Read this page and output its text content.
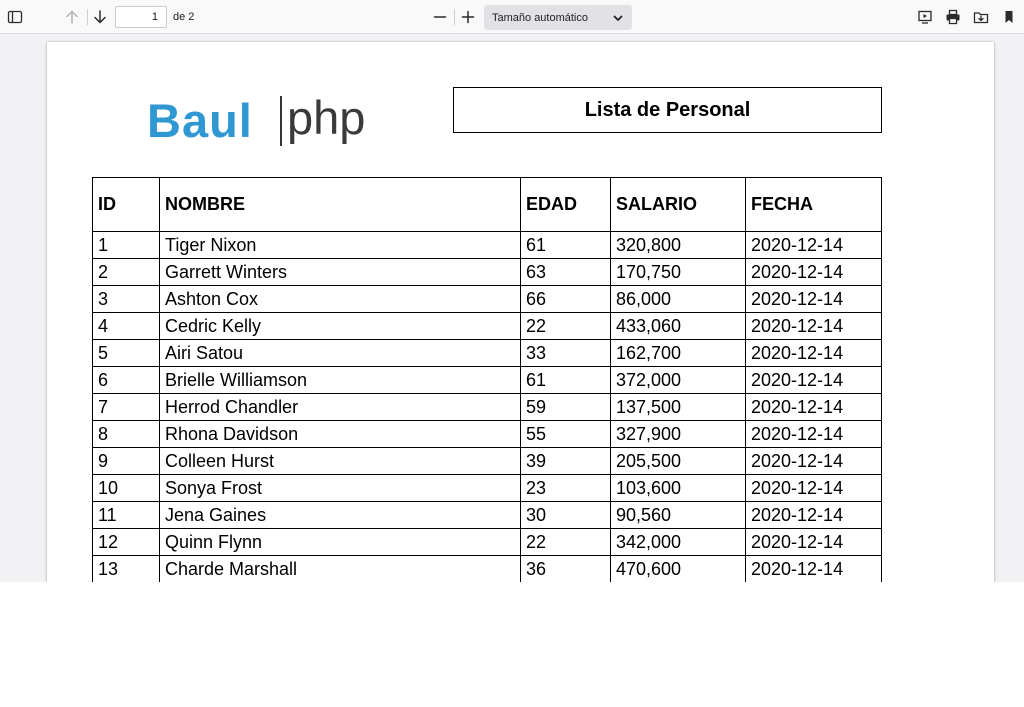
1
de 2	Tamaño automático
Baul php	Lista de Personal
ID	NOMBRE	EDAD	SALARIO	FECHA
1	Tiger Nixon	61	320,800	2020-12-14
2	Garrett Winters	63	170,750	2020-12-14
3	Ashton Cox	66	86,000	2020-12-14
4	Cedric Kelly	22	433,060	2020-12-14
5	Airi Satou	33	162,700	2020-12-14
6	Brielle Williamson	61	372,000	2020-12-14
7	Herrod Chandler	59	137,500	2020-12-14
8	Rhona Davidson	55	327,900	2020-12-14
9	Colleen Hurst	39	205,500	2020-12-14
10	Sonya Frost	23	103,600	2020-12-14
11	Jena Gaines	30	90,560	2020-12-14
12	Quinn Flynn	22	342,000	2020-12-14
13	Charde Marshall	36	470,600	2020-12-14
